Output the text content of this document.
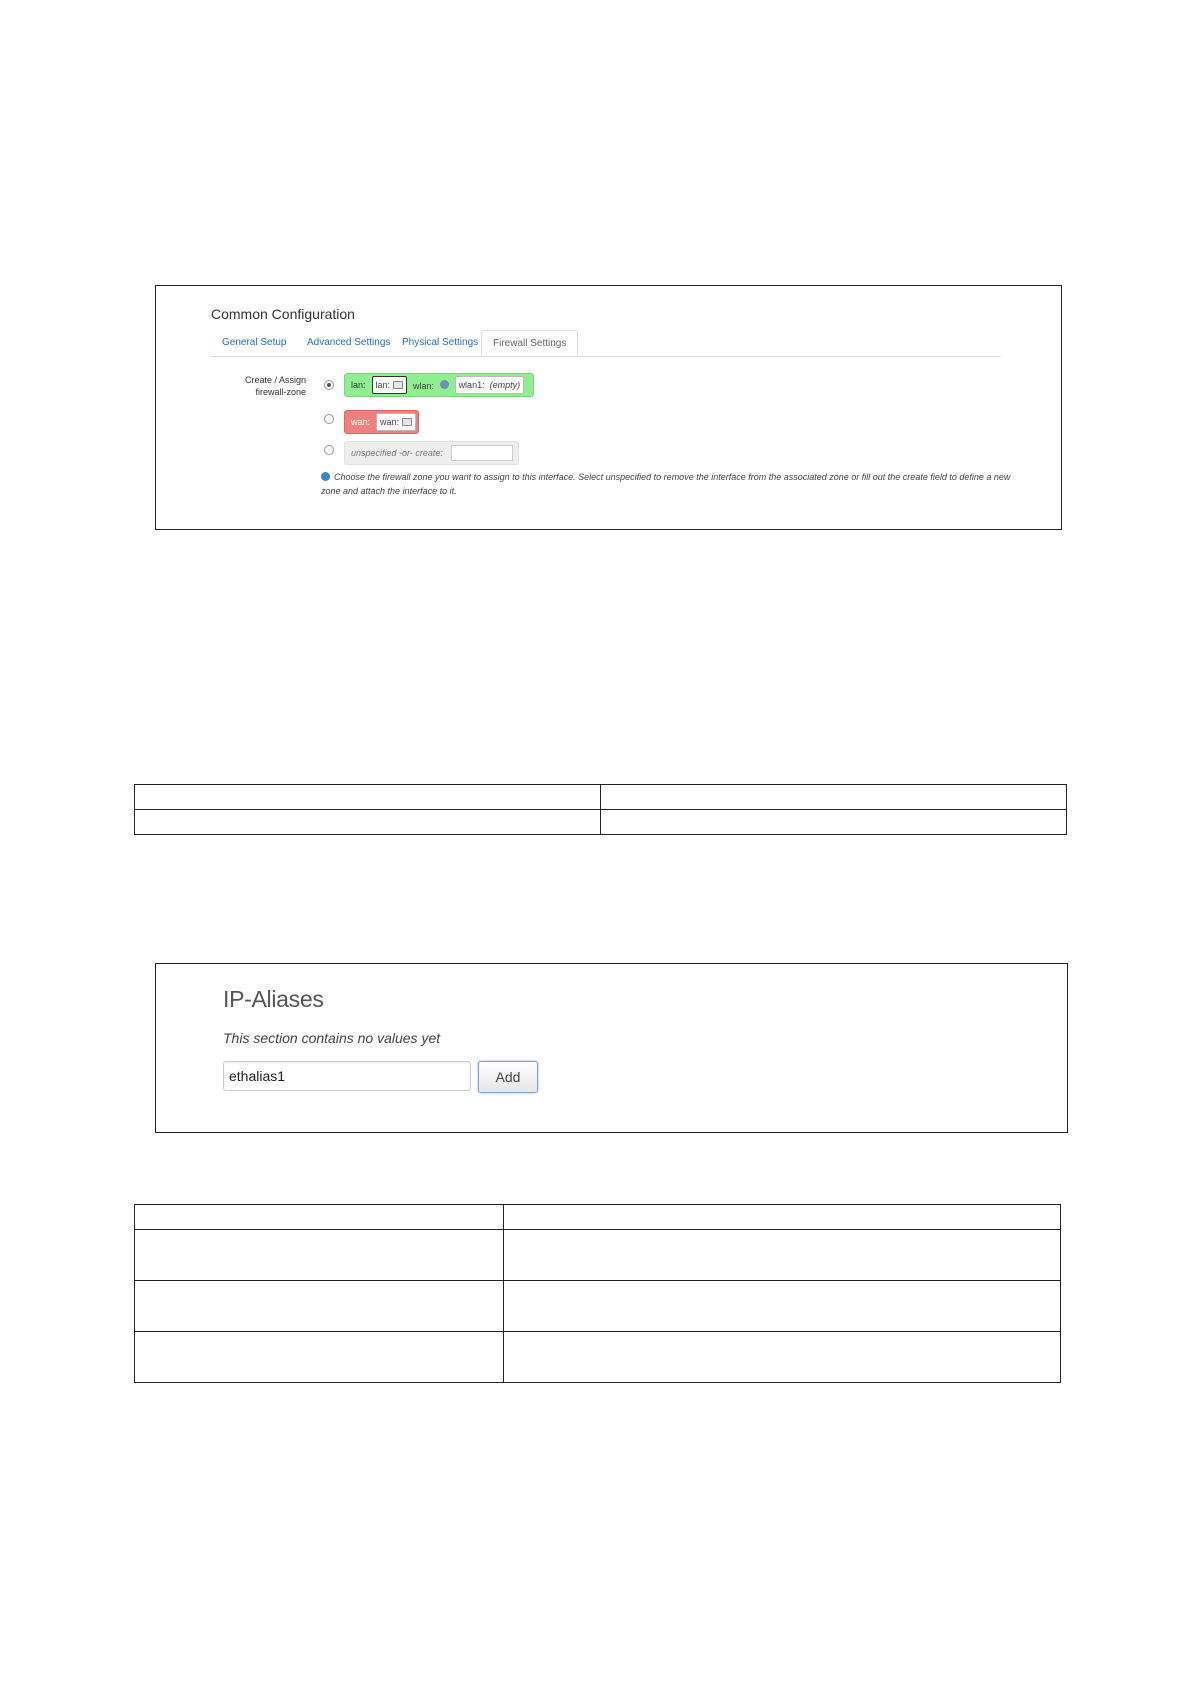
Common Configuration
General Setup	Advanced Settings	Physical Settings	Firewall Settings
Create / Assign firewall-zone
lan: lan:	wlan:	wlan1: (empty)
wan: wan:
unspecified -or- create:
Choose the firewall zone you want to assign to this interface. Select unspecified to remove the interface from the associated zone or fill out the create field to define a new zone and attach the interface to it.

IP-Aliases
This section contains no values yet
ethalias1
Add
